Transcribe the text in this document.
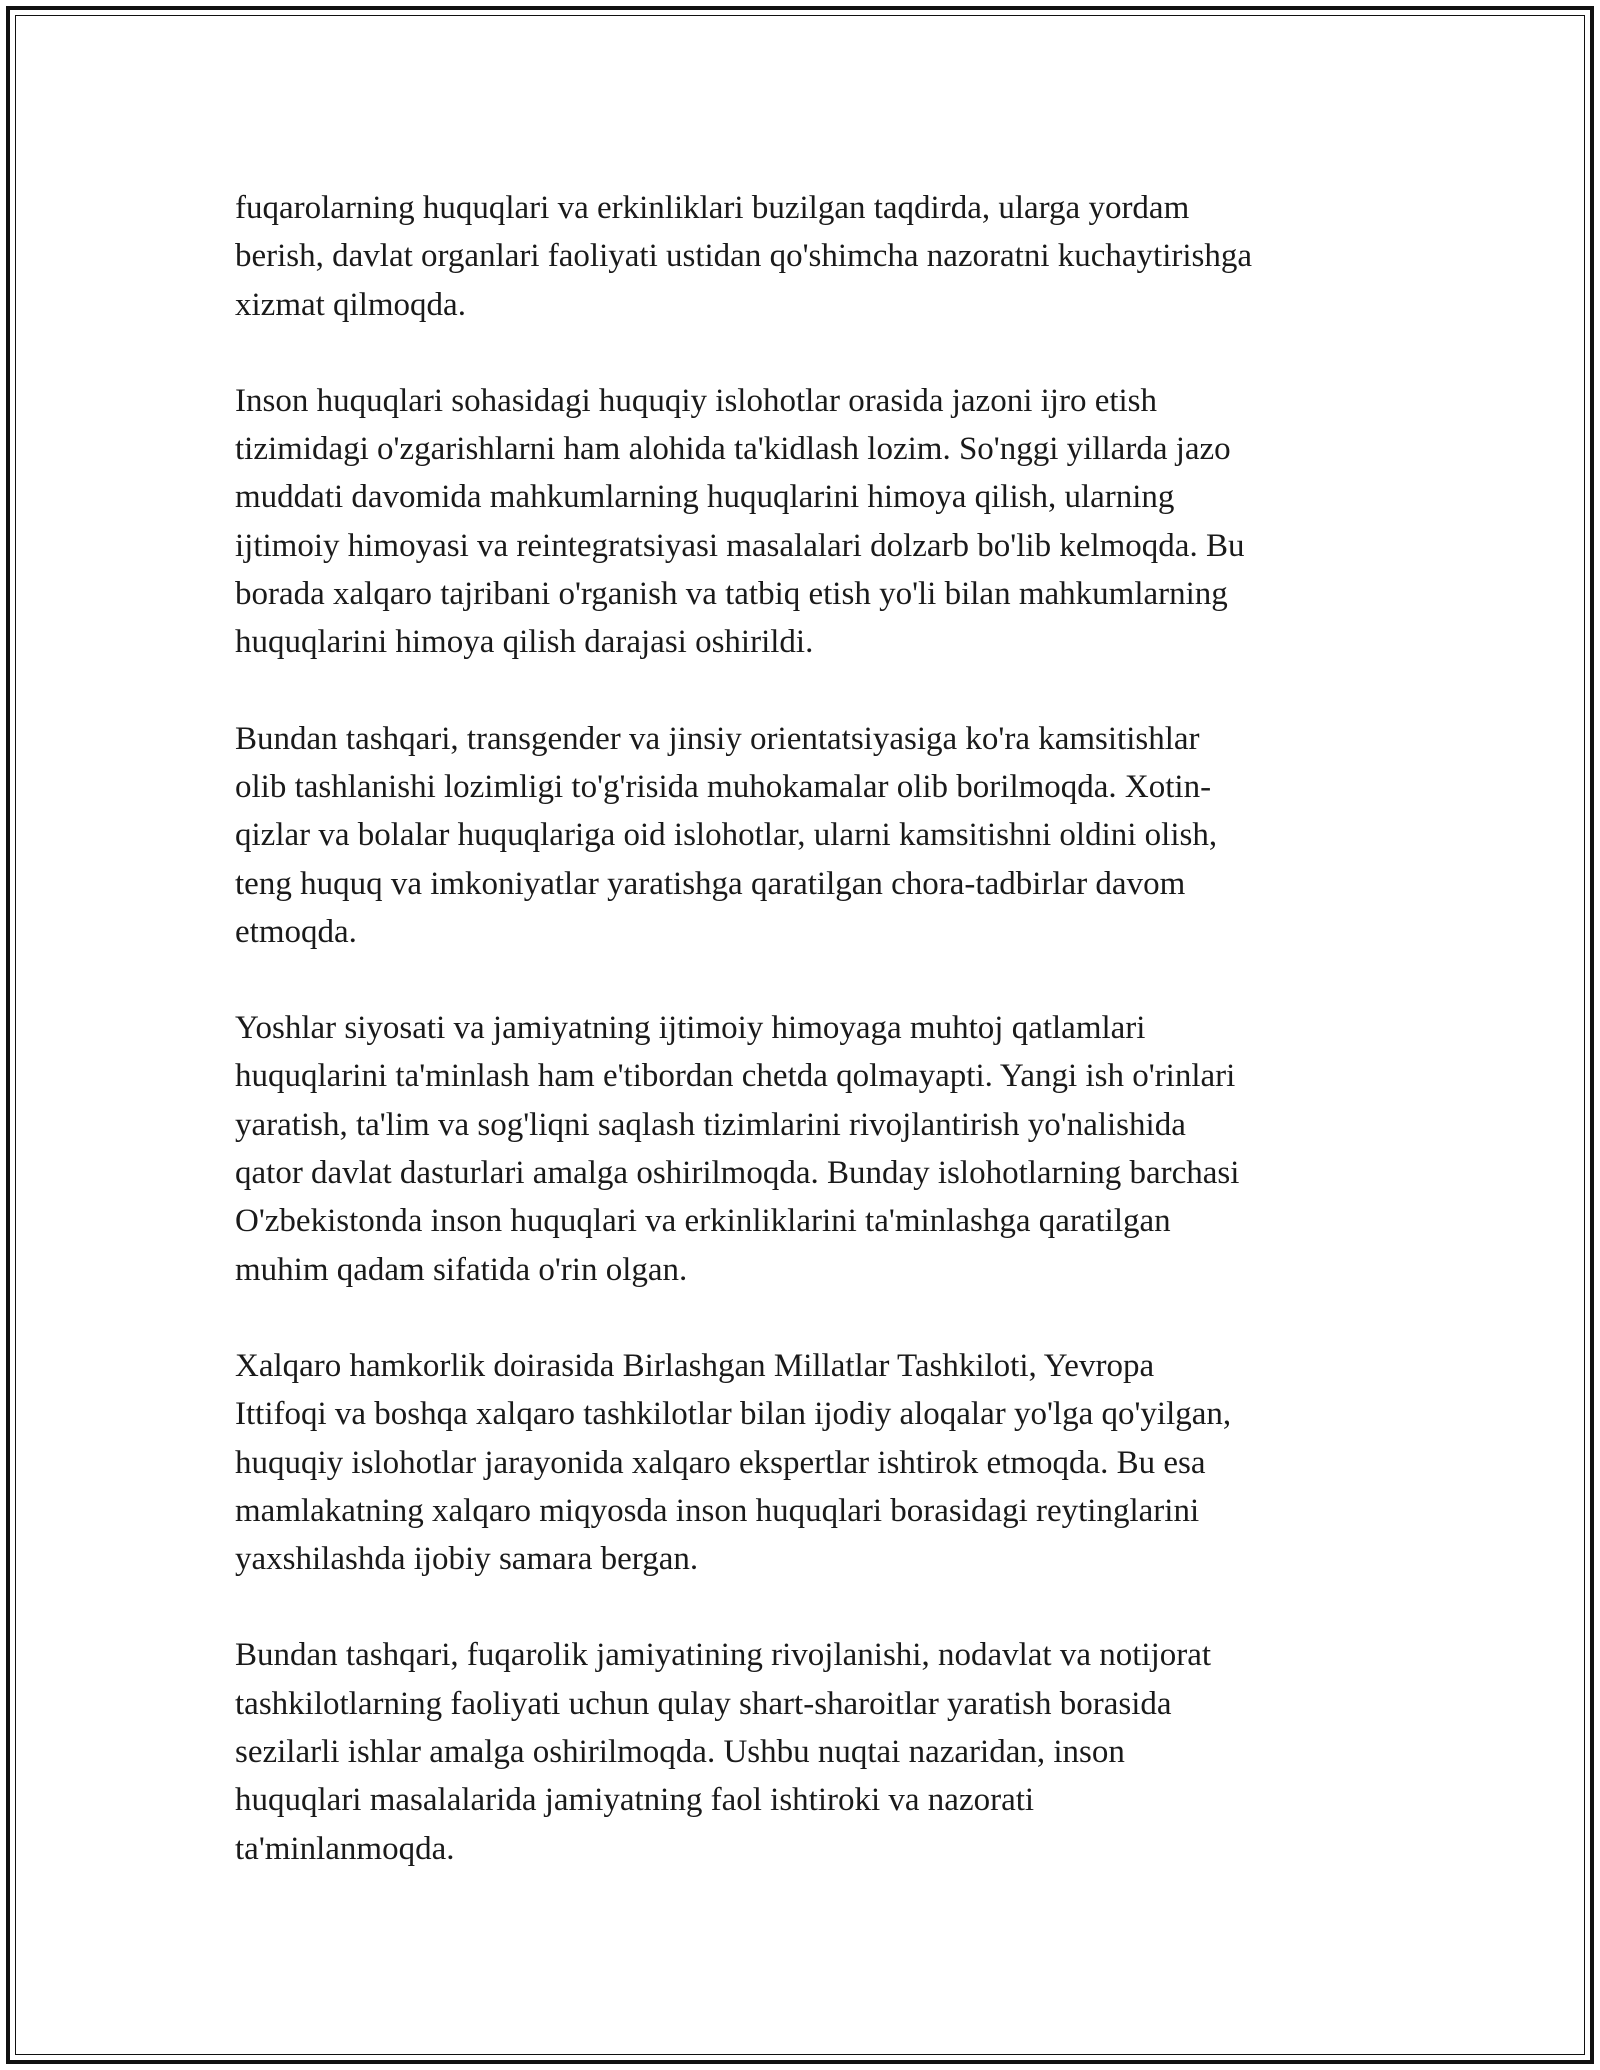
fuqarolarning huquqlari va erkinliklari buzilgan taqdirda, ularga yordam
berish, davlat organlari faoliyati ustidan qo'shimcha nazoratni kuchaytirishga
xizmat qilmoqda.

Inson huquqlari sohasidagi huquqiy islohotlar orasida jazoni ijro etish
tizimidagi o'zgarishlarni ham alohida ta'kidlash lozim. So'nggi yillarda jazo
muddati davomida mahkumlarning huquqlarini himoya qilish, ularning
ijtimoiy himoyasi va reintegratsiyasi masalalari dolzarb bo'lib kelmoqda. Bu
borada xalqaro tajribani o'rganish va tatbiq etish yo'li bilan mahkumlarning
huquqlarini himoya qilish darajasi oshirildi.

Bundan tashqari, transgender va jinsiy orientatsiyasiga ko'ra kamsitishlar
olib tashlanishi lozimligi to'g'risida muhokamalar olib borilmoqda. Xotin-
qizlar va bolalar huquqlariga oid islohotlar, ularni kamsitishni oldini olish,
teng huquq va imkoniyatlar yaratishga qaratilgan chora-tadbirlar davom
etmoqda.

Yoshlar siyosati va jamiyatning ijtimoiy himoyaga muhtoj qatlamlari
huquqlarini ta'minlash ham e'tibordan chetda qolmayapti. Yangi ish o'rinlari
yaratish, ta'lim va sog'liqni saqlash tizimlarini rivojlantirish yo'nalishida
qator davlat dasturlari amalga oshirilmoqda. Bunday islohotlarning barchasi
O'zbekistonda inson huquqlari va erkinliklarini ta'minlashga qaratilgan
muhim qadam sifatida o'rin olgan.

Xalqaro hamkorlik doirasida Birlashgan Millatlar Tashkiloti, Yevropa
Ittifoqi va boshqa xalqaro tashkilotlar bilan ijodiy aloqalar yo'lga qo'yilgan,
huquqiy islohotlar jarayonida xalqaro ekspertlar ishtirok etmoqda. Bu esa
mamlakatning xalqaro miqyosda inson huquqlari borasidagi reytinglarini
yaxshilashda ijobiy samara bergan.

Bundan tashqari, fuqarolik jamiyatining rivojlanishi, nodavlat va notijorat
tashkilotlarning faoliyati uchun qulay shart-sharoitlar yaratish borasida
sezilarli ishlar amalga oshirilmoqda. Ushbu nuqtai nazaridan, inson
huquqlari masalalarida jamiyatning faol ishtiroki va nazorati
ta'minlanmoqda.
